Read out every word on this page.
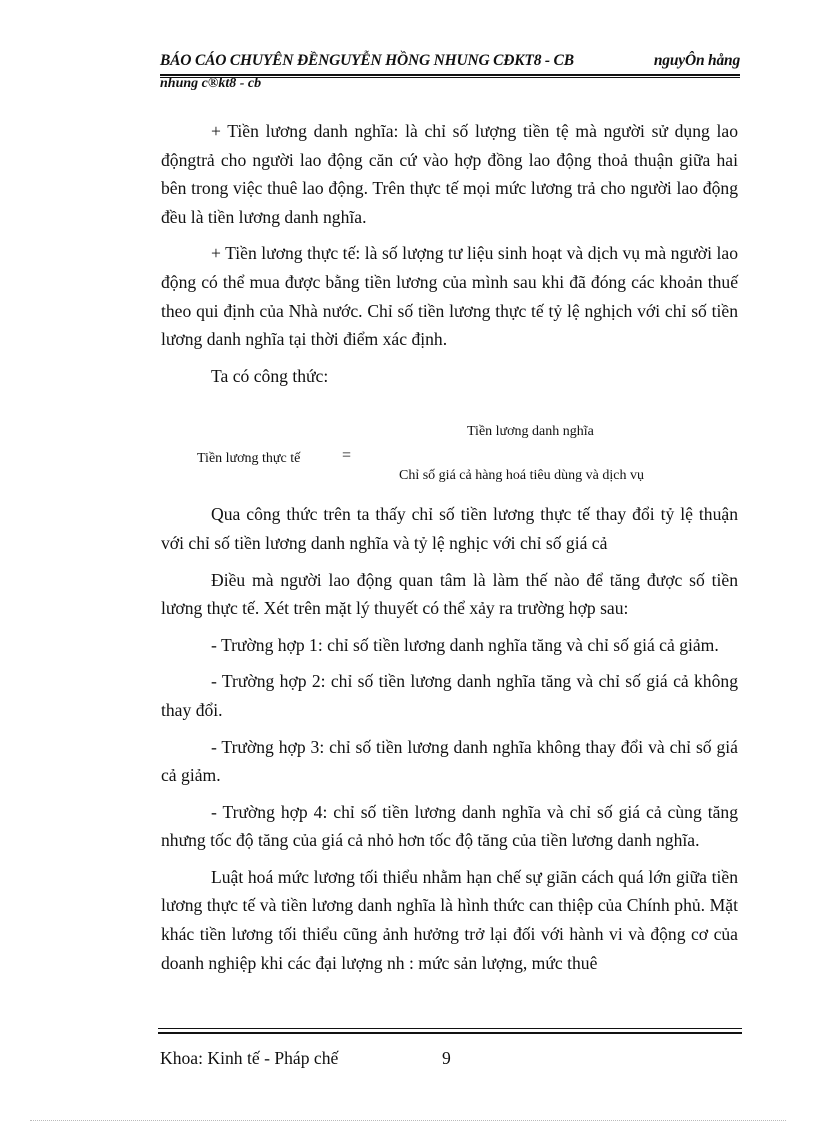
BÁO CÁO CHUYÊN ĐỀNGUYỄN HỒNG NHUNG CĐKT8 - CB	nguyÔn hång
nhung c®kt8 - cb

+ Tiền lương danh nghĩa: là chỉ số lượng tiền tệ mà người sử dụng lao độngtrả cho người lao động căn cứ vào hợp đồng lao động thoả thuận giữa hai bên trong việc thuê lao động. Trên thực tế mọi mức lương trả cho người lao động đều là tiền lương danh nghĩa.

+ Tiền lương thực tế: là số lượng tư liệu sinh hoạt và dịch vụ mà người lao động có thể mua được bằng tiền lương của mình sau khi đã đóng các khoản thuế theo qui định của Nhà nước. Chỉ số tiền lương thực tế tỷ lệ nghịch với chỉ số tiền lương danh nghĩa tại thời điểm xác định.

Ta có công thức:

Tiền lương thực tế	=
Tiền lương danh nghĩa
Chỉ số giá cả hàng hoá tiêu dùng và dịch vụ

Qua công thức trên ta thấy chỉ số tiền lương thực tế thay đổi tỷ lệ thuận với chỉ số tiền lương danh nghĩa và tỷ lệ nghịc với chỉ số giá cả

Điều mà người lao động quan tâm là làm thế nào để tăng được số tiền lương thực tế. Xét trên mặt lý thuyết có thể xảy ra trường hợp sau:

- Trường hợp 1: chỉ số tiền lương danh nghĩa tăng và chỉ số giá cả giảm.

- Trường hợp 2: chỉ số tiền lương danh nghĩa tăng và chỉ số giá cả không thay đổi.

- Trường hợp 3: chỉ số tiền lương danh nghĩa không thay đổi và chỉ số giá cả giảm.

- Trường hợp 4: chỉ số tiền lương danh nghĩa và chỉ số giá cả cùng tăng nhưng tốc độ tăng của giá cả nhỏ hơn tốc độ tăng của tiền lương danh nghĩa.

Luật hoá mức lương tối thiểu nhằm hạn chế sự giãn cách quá lớn giữa tiền lương thực tế và tiền lương danh nghĩa là hình thức can thiệp của Chính phủ. Mặt khác tiền lương tối thiểu cũng ảnh hưởng trở lại đối với hành vi và động cơ của doanh nghiệp khi các đại lượng nh : mức sản lượng, mức thuê

Khoa: Kinh tế - Pháp chế	9
